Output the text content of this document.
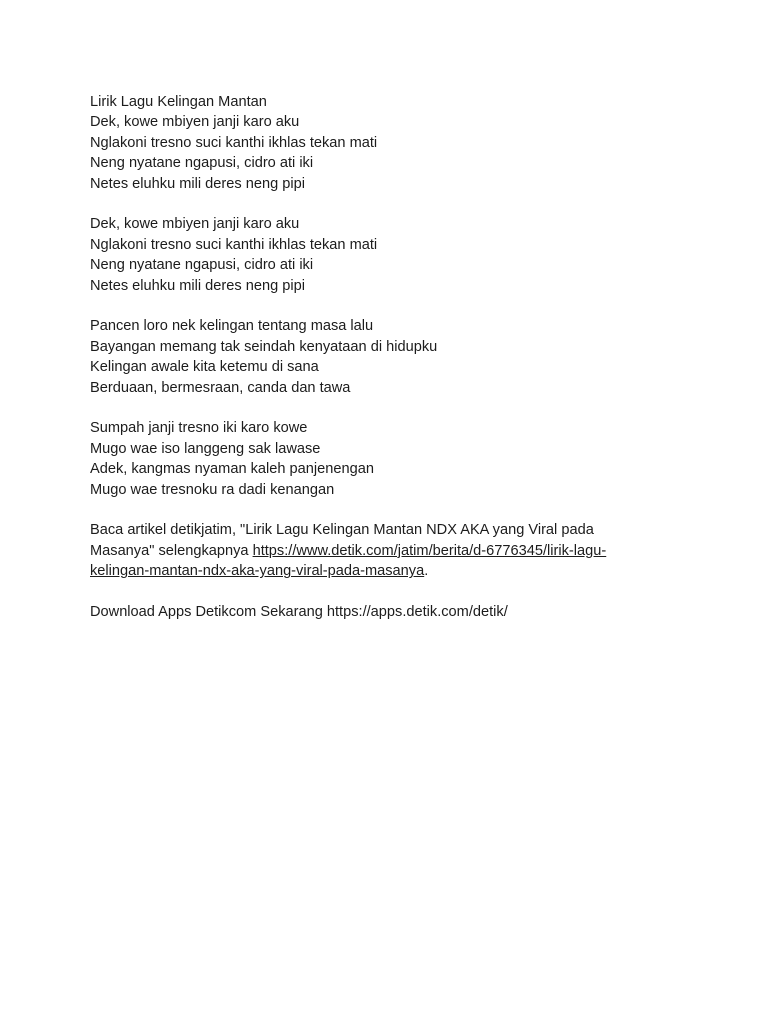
Lirik Lagu Kelingan Mantan
Dek, kowe mbiyen janji karo aku
Nglakoni tresno suci kanthi ikhlas tekan mati
Neng nyatane ngapusi, cidro ati iki
Netes eluhku mili deres neng pipi
Dek, kowe mbiyen janji karo aku
Nglakoni tresno suci kanthi ikhlas tekan mati
Neng nyatane ngapusi, cidro ati iki
Netes eluhku mili deres neng pipi
Pancen loro nek kelingan tentang masa lalu
Bayangan memang tak seindah kenyataan di hidupku
Kelingan awale kita ketemu di sana
Berduaan, bermesraan, canda dan tawa
Sumpah janji tresno iki karo kowe
Mugo wae iso langgeng sak lawase
Adek, kangmas nyaman kaleh panjenengan
Mugo wae tresnoku ra dadi kenangan

Baca artikel detikjatim, "Lirik Lagu Kelingan Mantan NDX AKA yang Viral pada Masanya" selengkapnya https://www.detik.com/jatim/berita/d-6776345/lirik-lagu-kelingan-mantan-ndx-aka-yang-viral-pada-masanya.

Download Apps Detikcom Sekarang https://apps.detik.com/detik/
